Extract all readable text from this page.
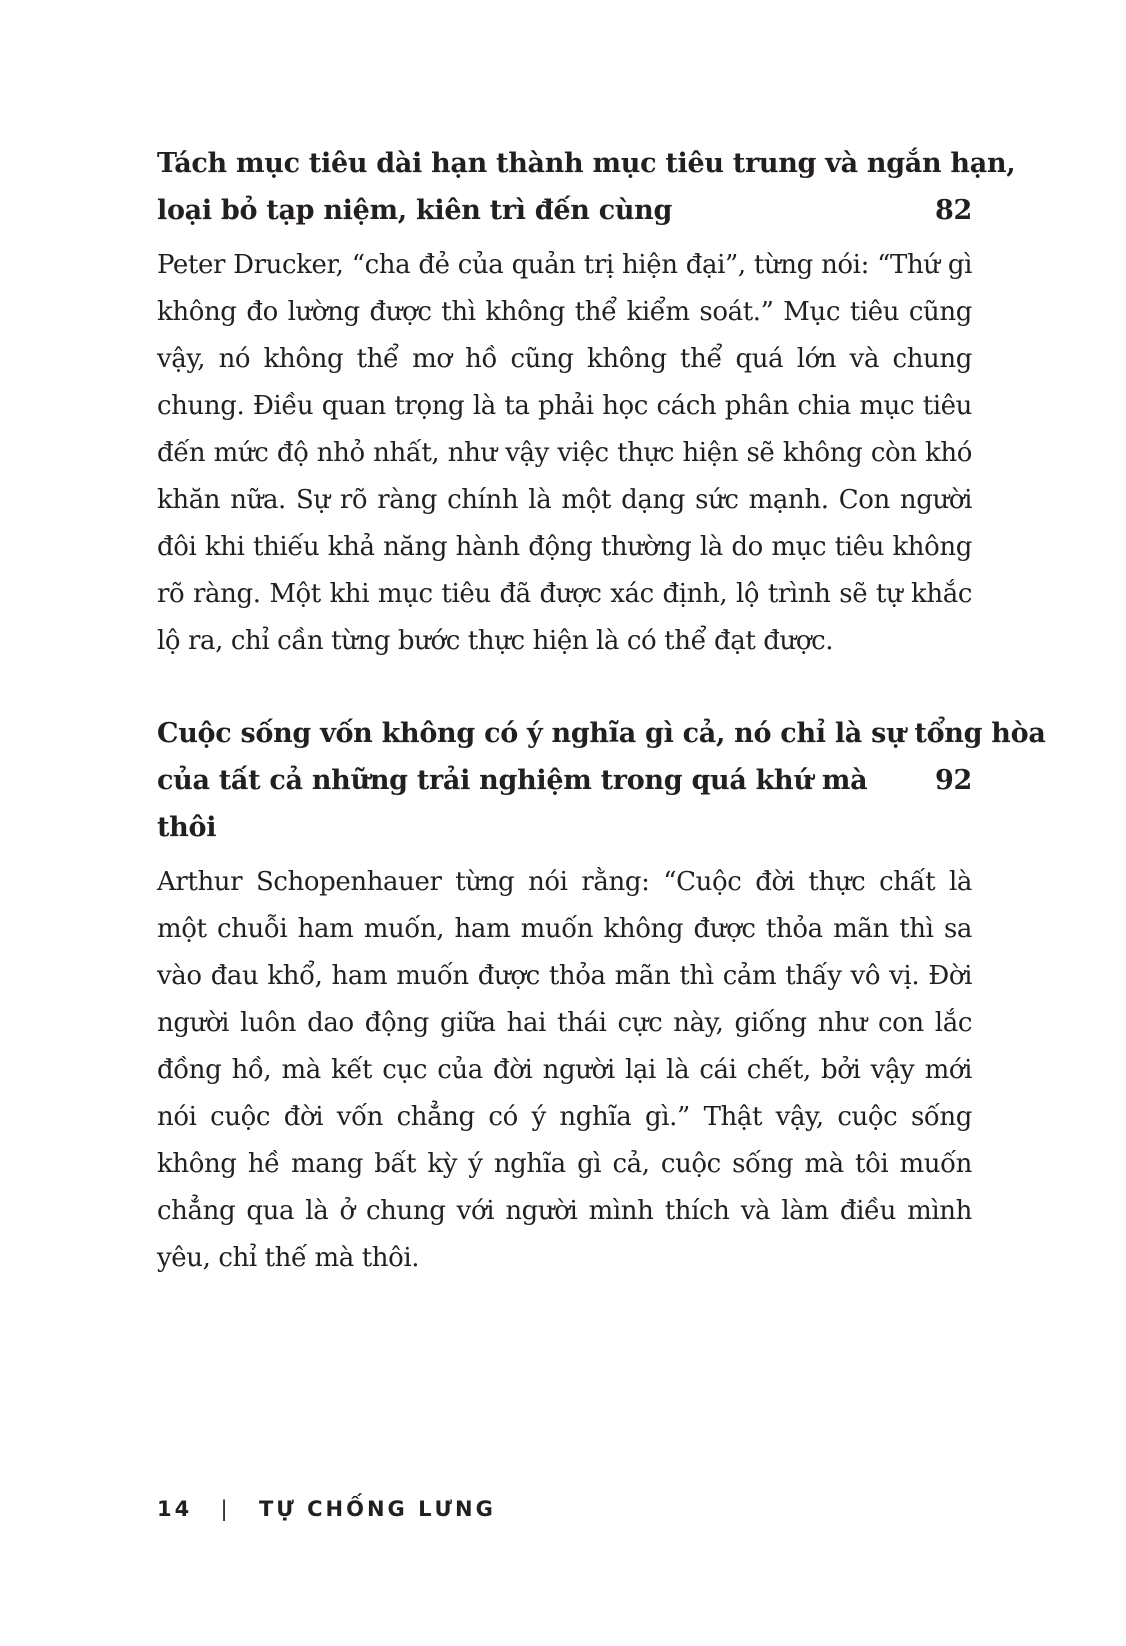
Tách mục tiêu dài hạn thành mục tiêu trung và ngắn hạn,
loại bỏ tạp niệm, kiên trì đến cùng	82

Peter Drucker, “cha đẻ của quản trị hiện đại”, từng nói: “Thứ gì không đo lường được thì không thể kiểm soát.” Mục tiêu cũng vậy, nó không thể mơ hồ cũng không thể quá lớn và chung chung. Điều quan trọng là ta phải học cách phân chia mục tiêu đến mức độ nhỏ nhất, như vậy việc thực hiện sẽ không còn khó khăn nữa. Sự rõ ràng chính là một dạng sức mạnh. Con người đôi khi thiếu khả năng hành động thường là do mục tiêu không rõ ràng. Một khi mục tiêu đã được xác định, lộ trình sẽ tự khắc lộ ra, chỉ cần từng bước thực hiện là có thể đạt được.

Cuộc sống vốn không có ý nghĩa gì cả, nó chỉ là sự tổng hòa
của tất cả những trải nghiệm trong quá khứ mà thôi
92

Arthur Schopenhauer từng nói rằng: “Cuộc đời thực chất là một chuỗi ham muốn, ham muốn không được thỏa mãn thì sa vào đau khổ, ham muốn được thỏa mãn thì cảm thấy vô vị. Đời người luôn dao động giữa hai thái cực này, giống như con lắc đồng hồ, mà kết cục của đời người lại là cái chết, bởi vậy mới nói cuộc đời vốn chẳng có ý nghĩa gì.” Thật vậy, cuộc sống không hề mang bất kỳ ý nghĩa gì cả, cuộc sống mà tôi muốn chẳng qua là ở chung với người mình thích và làm điều mình yêu, chỉ thế mà thôi.

14 | TỰ CHỐNG LƯNG
